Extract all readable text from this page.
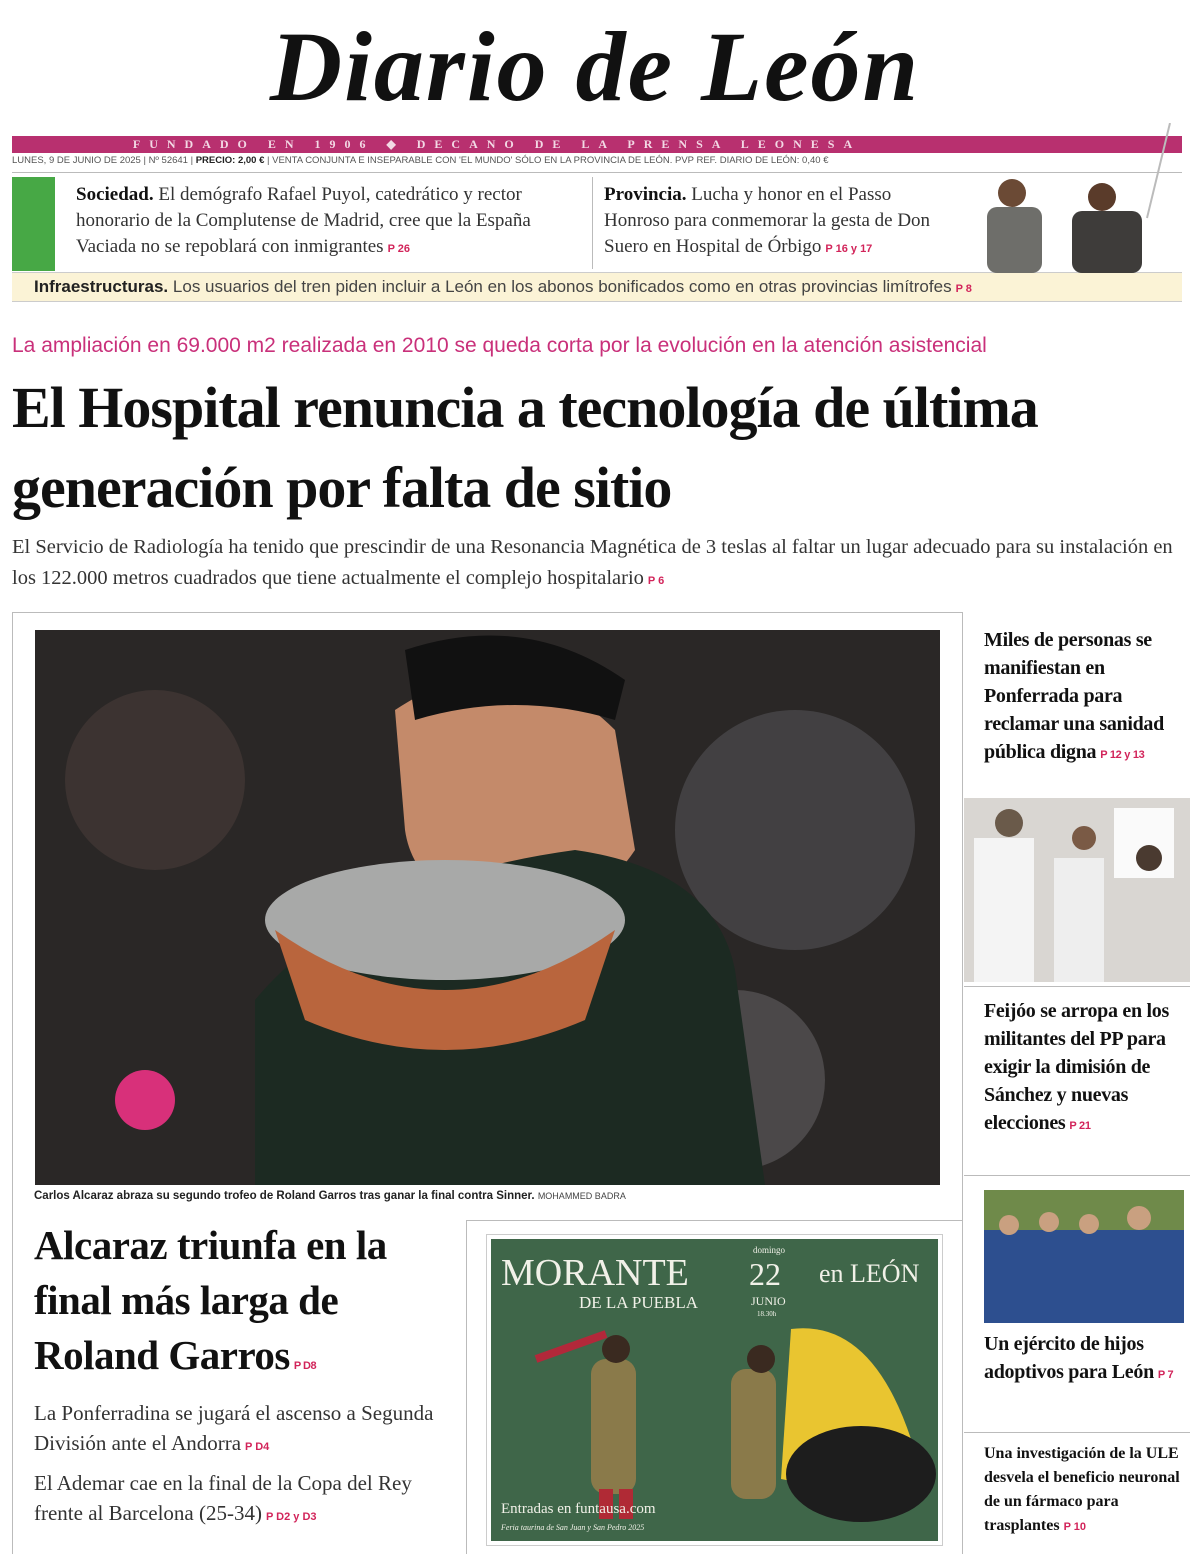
Diario de León
FUNDADO EN 1906 ◆ DECANO DE LA PRENSA LEONESA
LUNES, 9 DE JUNIO DE 2025 | Nº 52641 | PRECIO: 2,00 € | VENTA CONJUNTA E INSEPARABLE CON 'EL MUNDO' SÓLO EN LA PROVINCIA DE LEÓN. PVP REF. DIARIO DE LEÓN: 0,40 €
Sociedad. El demógrafo Rafael Puyol, catedrático y rector honorario de la Complutense de Madrid, cree que la España Vaciada no se repoblará con inmigrantes P 26
Provincia. Lucha y honor en el Passo Honroso para conmemorar la gesta de Don Suero en Hospital de Órbigo P 16 y 17
Infraestructuras. Los usuarios del tren piden incluir a León en los abonos bonificados como en otras provincias limítrofes P 8
La ampliación en 69.000 m2 realizada en 2010 se queda corta por la evolución en la atención asistencial
El Hospital renuncia a tecnología de última generación por falta de sitio
El Servicio de Radiología ha tenido que prescindir de una Resonancia Magnética de 3 teslas al faltar un lugar adecuado para su instalación en los 122.000 metros cuadrados que tiene actualmente el complejo hospitalario P 6
Carlos Alcaraz abraza su segundo trofeo de Roland Garros tras ganar la final contra Sinner. MOHAMMED BADRA
Alcaraz triunfa en la final más larga de Roland Garros P D8
La Ponferradina se jugará el ascenso a Segunda División ante el Andorra P D4
El Ademar cae en la final de la Copa del Rey frente al Barcelona (25-34) P D2 y D3
MORANTE
DE LA PUEBLA
domingo
22
JUNIO
18.30h
en LEÓN
Entradas en funtausa.com
Feria taurina de San Juan y San Pedro 2025
Miles de personas se manifiestan en Ponferrada para reclamar una sanidad pública digna P 12 y 13
Feijóo se arropa en los militantes del PP para exigir la dimisión de Sánchez y nuevas elecciones P 21
Un ejército de hijos adoptivos para León P 7
Una investigación de la ULE desvela el beneficio neuronal de un fármaco para trasplantes P 10
